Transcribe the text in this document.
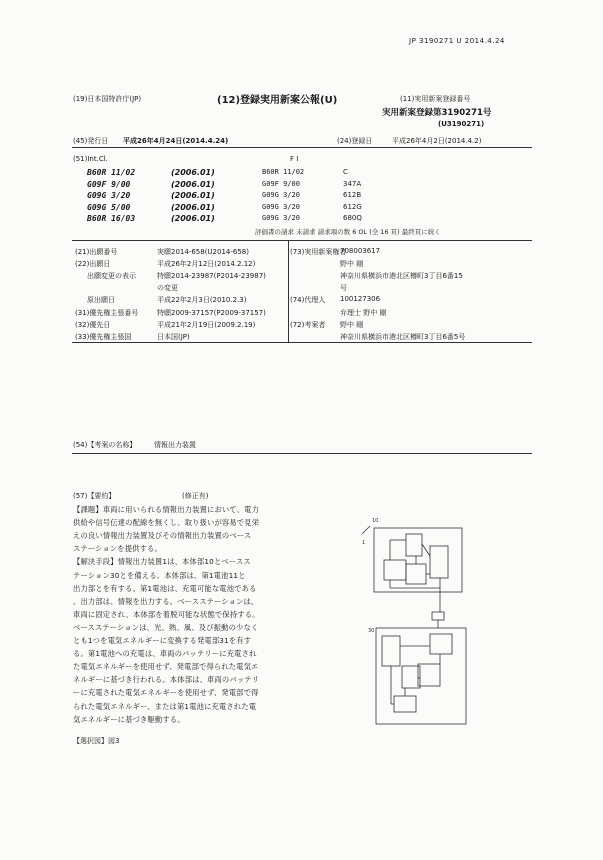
JP 3190271 U 2014.4.24
(19)日本国特許庁(JP)	(12)登録実用新案公報(U)	(11)実用新案登録番号
実用新案登録第3190271号
(U3190271)
(45)発行日 平成26年4月24日(2014.4.24)	(24)登録日	平成26年4月2日(2014.4.2)
(51)Int.Cl.	F I
B60R 11/02	(2006.01)	B60R 11/02	C
G09F 9/00	(2006.01)	G09F 9/00	347A
G09G 3/20	(2006.01)	G09G 3/20	612B
G09G 5/00	(2006.01)	G09G 3/20	612G
B60R 16/03	(2006.01)	G09G 3/20	680Q
評価書の請求 未請求 請求項の数 6 OL (全 16 頁) 最終頁に続く
(21)出願番号	実願2014-658(U2014-658)
(22)出願日	平成26年2月12日(2014.2.12)
出願変更の表示	特願2014-23987(P2014-23987)
の変更
原出願日	平成22年2月3日(2010.2.3)
(31)優先権主張番号	特願2009-37157(P2009-37157)
(32)優先日	平成21年2月19日(2009.2.19)
(33)優先権主張国	日本国(JP)
(73)実用新案権者
708003617
野中 剛
神奈川県横浜市港北区樽町3丁目6番15
号
(74)代理人 100127306
弁理士 野中 剛
(72)考案者 野中 剛
神奈川県横浜市港北区樽町3丁目6番5号
(54)【考案の名称】	情報出力装置
(57)【要約】	(修正有)
【課題】車両に用いられる情報出力装置において、電力
供給や信号伝達の配線を無くし、取り扱いが容易で見栄
えの良い情報出力装置及びその情報出力装置のベース
ステーションを提供する。
【解決手段】情報出力装置1は、本体部10とベースス
テーション30とを備える。本体部は、第1電池11と
出力部とを有する。第1電池は、充電可能な電池である
。出力部は、情報を出力する。ベースステーションは、
車両に固定され、本体部を着脱可能な状態で保持する。
ベースステーションは、光、熱、風、及び振動の少なく
とも1つを電気エネルギーに変換する発電部31を有す
る。第1電池への充電は、車両のバッテリーに充電され
た電気エネルギーを使用せず、発電部で得られた電気エ
ネルギーに基づき行われる。本体部は、車両のバッテリ
ーに充電された電気エネルギーを使用せず、発電部で得
られた電気エネルギー、または第1電池に充電された電
気エネルギーに基づき駆動する。
【選択図】図3
10
1
30
